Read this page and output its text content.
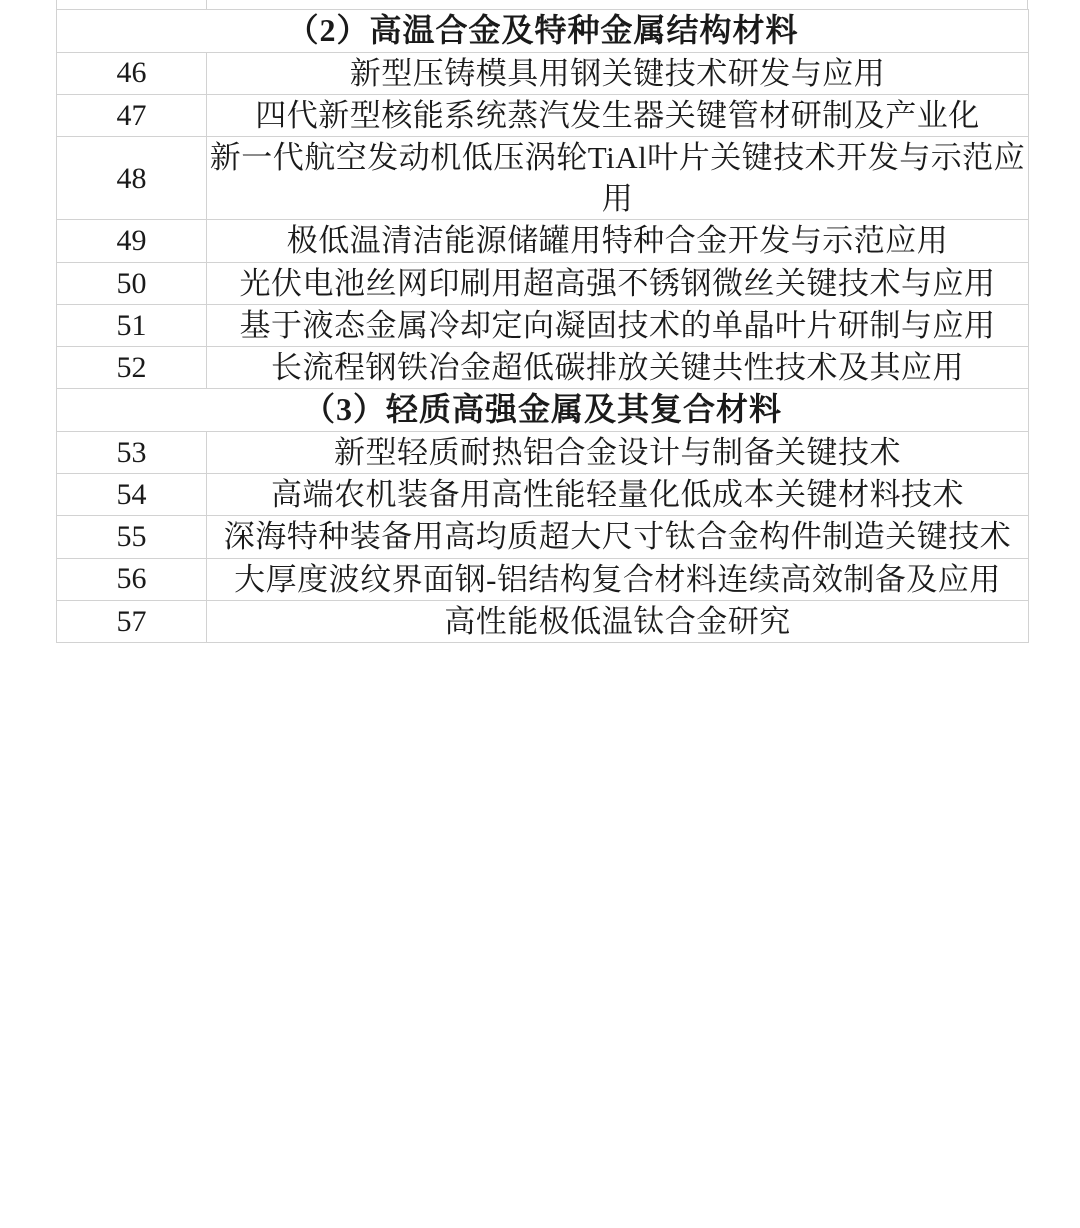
（2）高温合金及特种金属结构材料	
46	新型压铸模具用钢关键技术研发与应用
47	四代新型核能系统蒸汽发生器关键管材研制及产业化
48	新一代航空发动机低压涡轮TiAl叶片关键技术开发与示范应用
49	极低温清洁能源储罐用特种合金开发与示范应用
50	光伏电池丝网印刷用超高强不锈钢微丝关键技术与应用
51	基于液态金属冷却定向凝固技术的单晶叶片研制与应用
52	长流程钢铁冶金超低碳排放关键共性技术及其应用
（3）轻质高强金属及其复合材料	
53	新型轻质耐热铝合金设计与制备关键技术
54	高端农机装备用高性能轻量化低成本关键材料技术
55	深海特种装备用高均质超大尺寸钛合金构件制造关键技术
56	大厚度波纹界面钢-铝结构复合材料连续高效制备及应用
57	高性能极低温钛合金研究
